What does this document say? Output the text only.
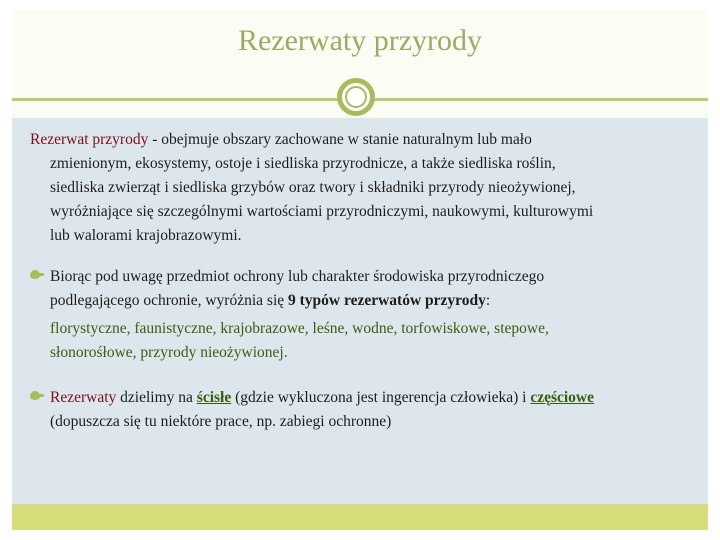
Rezerwaty przyrody
Rezerwat przyrody - obejmuje obszary zachowane w stanie naturalnym lub mało
zmienionym, ekosystemy, ostoje i siedliska przyrodnicze, a także siedliska roślin,
siedliska zwierząt i siedliska grzybów oraz twory i składniki przyrody nieożywionej,
wyróżniające się szczególnymi wartościami przyrodniczymi, naukowymi, kulturowymi
lub walorami krajobrazowymi.
Biorąc pod uwagę przedmiot ochrony lub charakter środowiska przyrodniczego
podlegającego ochronie, wyróżnia się 9 typów rezerwatów przyrody:
florystyczne, faunistyczne, krajobrazowe, leśne, wodne, torfowiskowe, stepowe,
słonorośłowe, przyrody nieożywionej.
Rezerwaty dzielimy na ścisłe (gdzie wykluczona jest ingerencja człowieka) i częściowe
(dopuszcza się tu niektóre prace, np. zabiegi ochronne)
